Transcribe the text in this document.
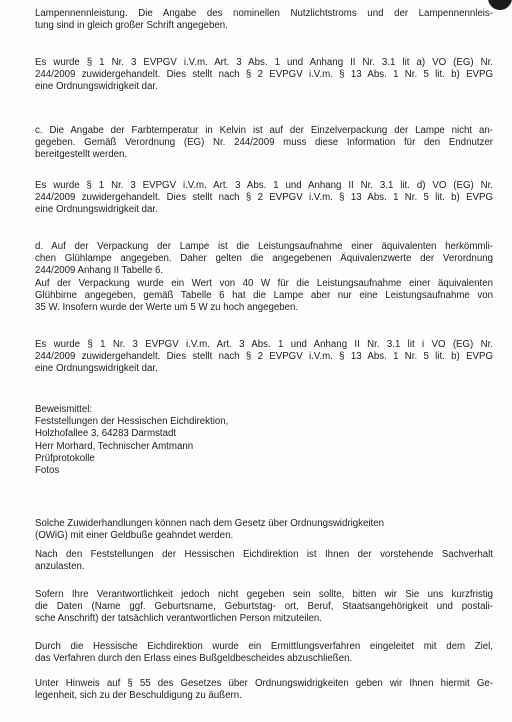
Lampennennleistung. Die Angabe des nominellen Nutzlichtstroms und der Lampennennleis-
tung sind in gleich großer Schrift angegeben.
Es wurde § 1 Nr. 3 EVPGV i.V.m. Art. 3 Abs. 1 und Anhang II Nr. 3.1 lit a) VO (EG) Nr.
244/2009 zuwidergehandelt. Dies stellt nach § 2 EVPGV i.V.m. § 13 Abs. 1 Nr. 5 lit. b) EVPG
eine Ordnungswidrigkeit dar.
c. Die Angabe der Farbtemperatur in Kelvin ist auf der Einzelverpackung der Lampe nicht an-
gegeben. Gemäß Verordnung (EG) Nr. 244/2009 muss diese Information für den Endnutzer
bereitgestellt werden.
Es wurde § 1 Nr. 3 EVPGV i.V.m. Art. 3 Abs. 1 und Anhang II Nr. 3.1 lit. d) VO (EG) Nr.
244/2009 zuwidergehandelt. Dies stellt nach § 2 EVPGV i.V.m. § 13 Abs. 1 Nr. 5 lit. b) EVPG
eine Ordnungswidrigkeit dar.
d. Auf der Verpackung der Lampe ist die Leistungsaufnahme einer äquivalenten herkömmli-
chen Glühlampe angegeben. Daher gelten die angegebenen Äquivalenzwerte der Verordnung
244/2009 Anhang II Tabelle 6.
Auf der Verpackung wurde ein Wert von 40 W für die Leistungsaufnahme einer äquivalenten
Glühbirne angegeben, gemäß Tabelle 6 hat die Lampe aber nur eine Leistungsaufnahme von
35 W. Insofern wurde der Werte um 5 W zu hoch angegeben.
Es wurde § 1 Nr. 3 EVPGV i.V.m. Art. 3 Abs. 1 und Anhang II Nr. 3.1 lit i VO (EG) Nr.
244/2009 zuwidergehandelt. Dies stellt nach § 2 EVPGV i.V.m. § 13 Abs. 1 Nr. 5 lit. b) EVPG
eine Ordnungswidrigkeit dar.
Beweismittel:
Feststellungen der Hessischen Eichdirektion,
Holzhofallee 3, 64283 Darmstadt
Herr Morhard, Technischer Amtmann
Prüfprotokolle
Fotos
Solche Zuwiderhandlungen können nach dem Gesetz über Ordnungswidrigkeiten
(OWiG) mit einer Geldbuße geahndet werden.
Nach den Feststellungen der Hessischen Eichdirektion ist Ihnen der vorstehende Sachverhalt
anzulasten.
Sofern Ihre Verantwortlichkeit jedoch nicht gegeben sein sollte, bitten wir Sie uns kurzfristig
die Daten (Name ggf. Geburtsname, Geburtstag- ort, Beruf, Staatsangehörigkeit und postali-
sche Anschrift) der tatsächlich verantwortlichen Person mitzuteilen.
Durch die Hessische Eichdirektion wurde ein Ermittlungsverfahren eingeleitet mit dem Ziel,
das Verfahren durch den Erlass eines Bußgeldbescheides abzuschließen.
Unter Hinweis auf § 55 des Gesetzes über Ordnungswidrigkeiten geben wir Ihnen hiermit Ge-
legenheit, sich zu der Beschuldigung zu äußern.
